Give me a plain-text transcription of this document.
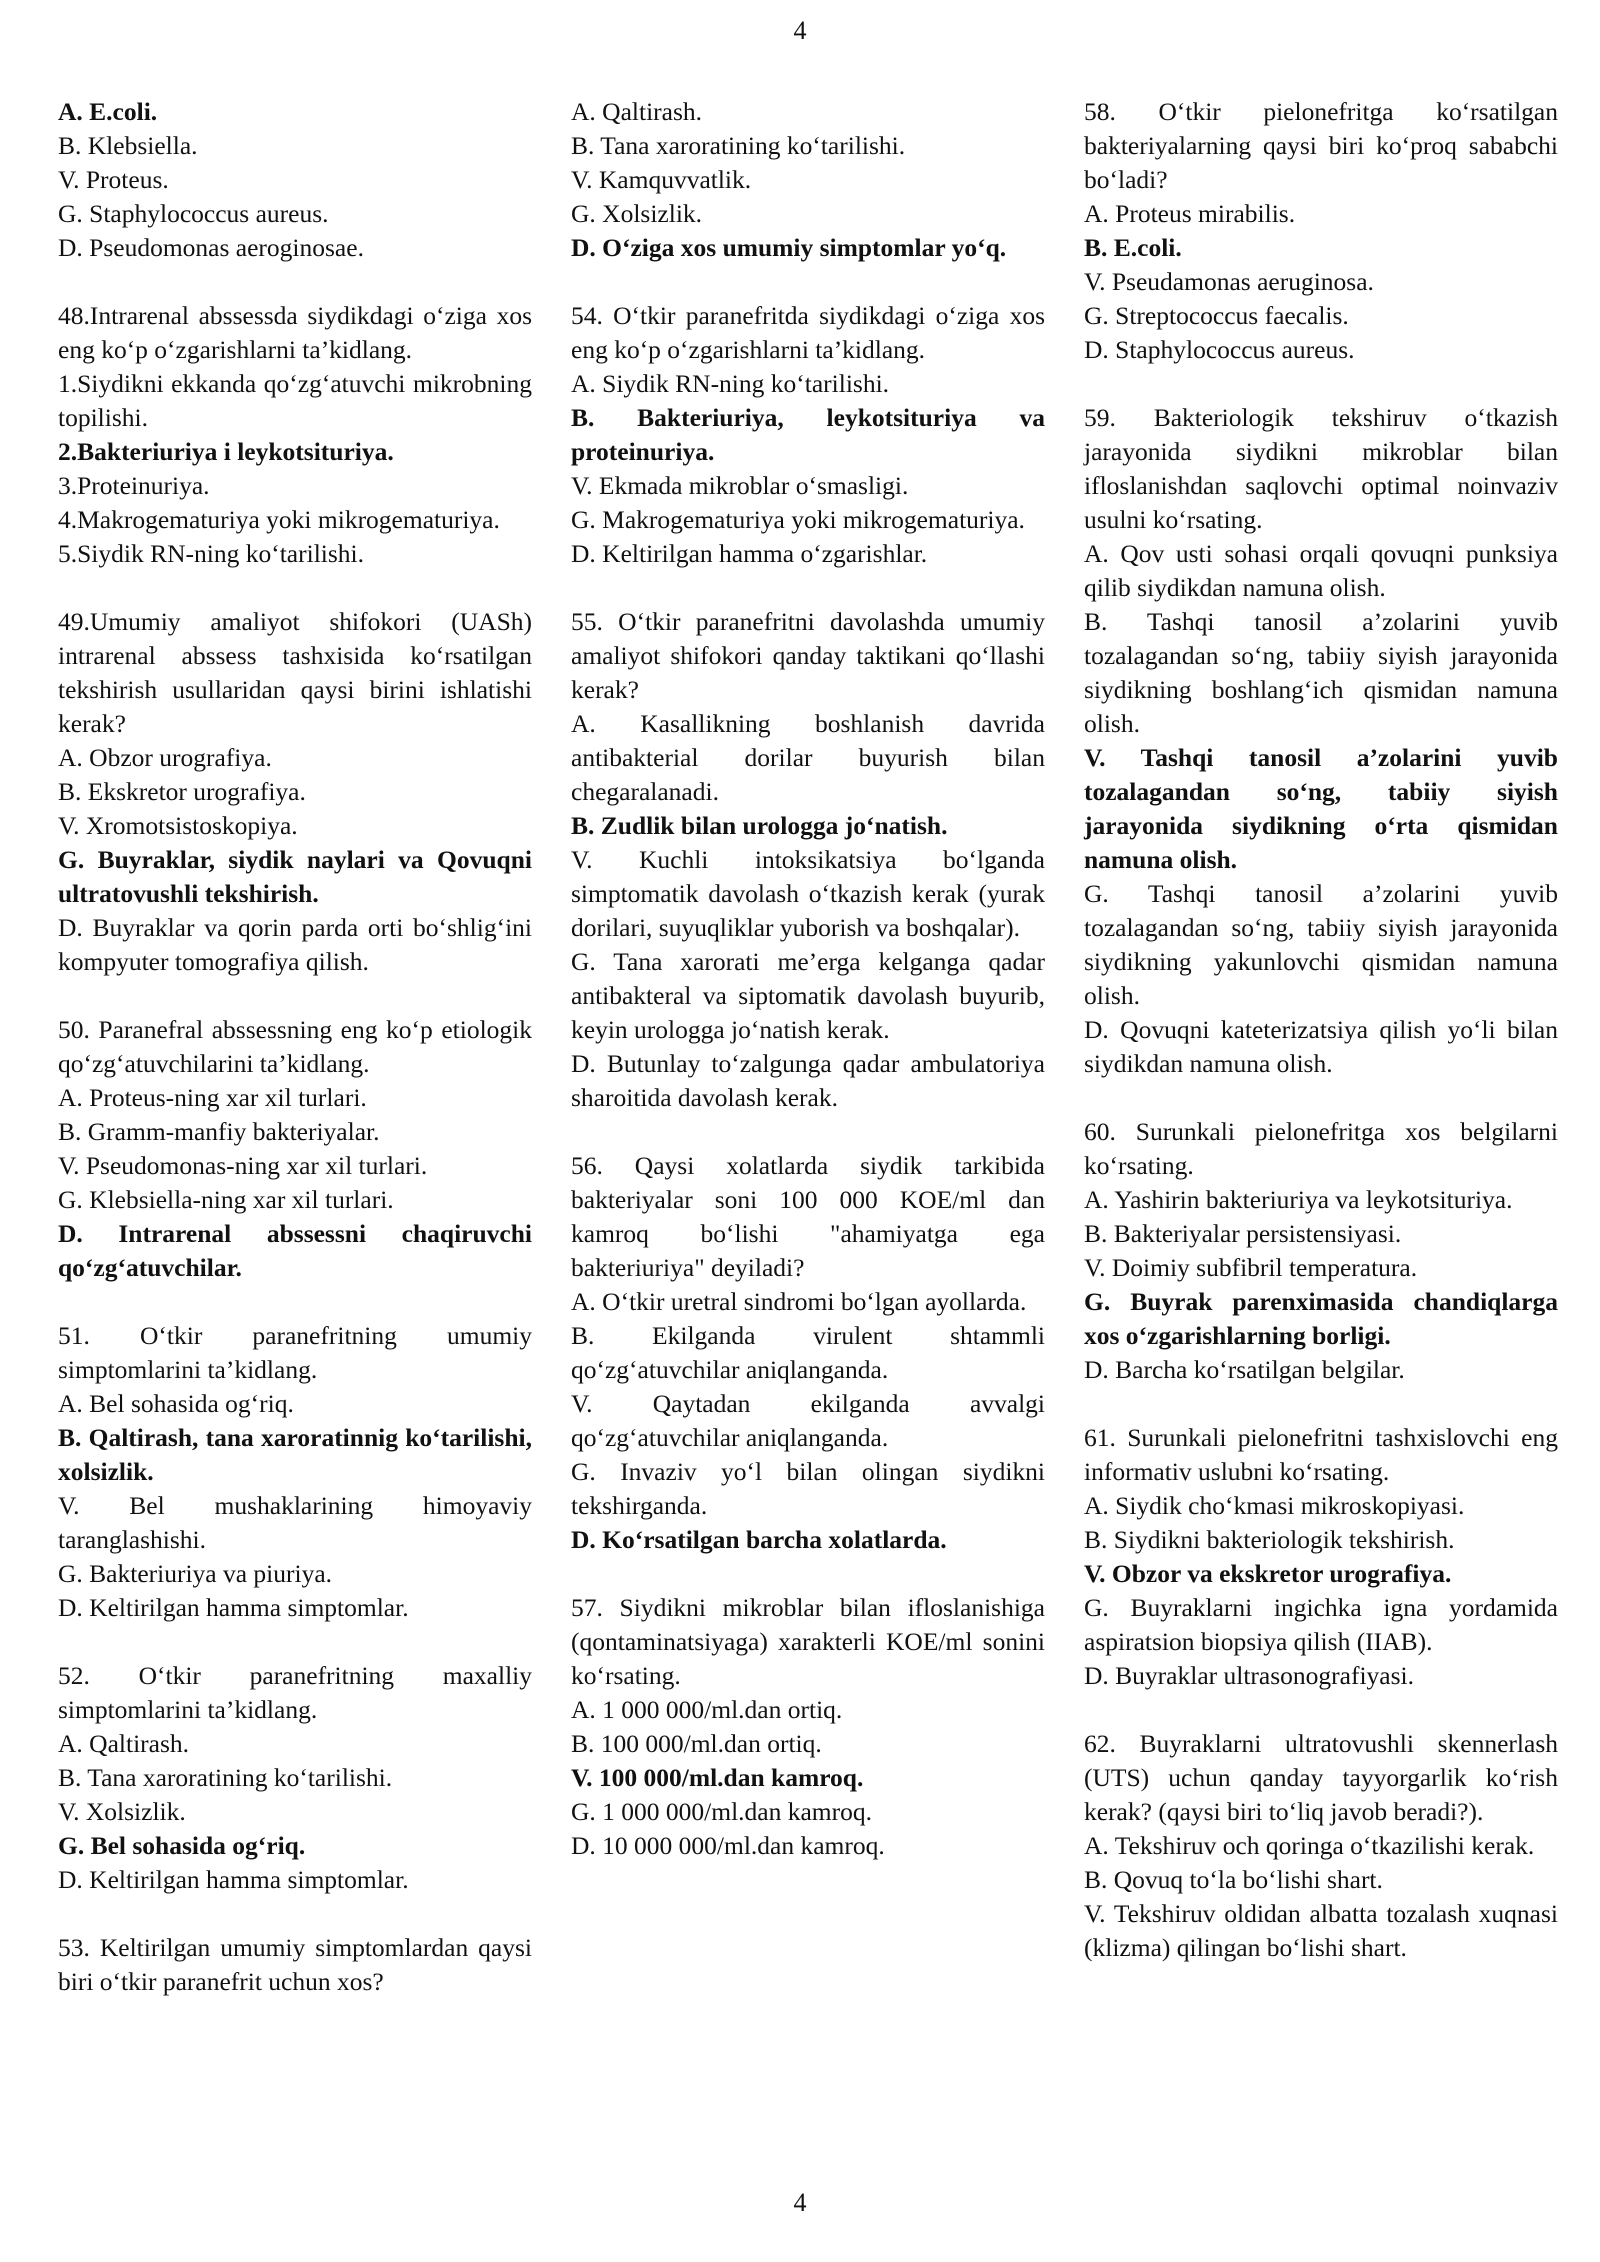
4
A. E.coli.
B. Klebsiella.
V. Proteus.
G. Staphylococcus aureus.
D. Pseudomonas aeroginosae.
48.Intrarenal abssessda siydikdagi o‘ziga xos eng ko‘p o‘zgarishlarni ta’kidlang.
1.Siydikni ekkanda qo‘zg‘atuvchi mikrobning topilishi.
2.Bakteriuriya i leykotsituriya.
3.Proteinuriya.
4.Makrogematuriya yoki mikrogematuriya.
5.Siydik RN-ning ko‘tarilishi.
49.Umumiy amaliyot shifokori (UASh) intrarenal abssess tashxisida ko‘rsatilgan tekshirish usullaridan qaysi birini ishlatishi kerak?
A. Obzor urografiya.
B. Ekskretor urografiya.
V. Xromotsistoskopiya.
G. Buyraklar, siydik naylari va Qovuqni ultratovushli tekshirish.
D. Buyraklar va qorin parda orti bo‘shlig‘ini kompyuter tomografiya qilish.
50. Paranefral abssessning eng ko‘p etiologik qo‘zg‘atuvchilarini ta’kidlang.
A. Proteus-ning xar xil turlari.
B. Gramm-manfiy bakteriyalar.
V. Pseudomonas-ning xar xil turlari.
G. Klebsiella-ning xar xil turlari.
D. Intrarenal abssessni chaqiruvchi qo‘zg‘atuvchilar.
51. O‘tkir paranefritning umumiy simptomlarini ta’kidlang.
A. Bel sohasida og‘riq.
B. Qaltirash, tana xaroratinnig ko‘tarilishi, xolsizlik.
V. Bel mushaklarining himoyaviy taranglashishi.
G. Bakteriuriya va piuriya.
D. Keltirilgan hamma simptomlar.
52. O‘tkir paranefritning maxalliy simptomlarini ta’kidlang.
A. Qaltirash.
B. Tana xaroratining ko‘tarilishi.
V. Xolsizlik.
G. Bel sohasida og‘riq.
D. Keltirilgan hamma simptomlar.
53. Keltirilgan umumiy simptomlardan qaysi biri o‘tkir paranefrit uchun xos?
A. Qaltirash.
B. Tana xaroratining ko‘tarilishi.
V. Kamquvvatlik.
G. Xolsizlik.
D. O‘ziga xos umumiy simptomlar yo‘q.
54. O‘tkir paranefritda siydikdagi o‘ziga xos eng ko‘p o‘zgarishlarni ta’kidlang.
A. Siydik RN-ning ko‘tarilishi.
B. Bakteriuriya, leykotsituriya va proteinuriya.
V. Ekmada mikroblar o‘smasligi.
G. Makrogematuriya yoki mikrogematuriya.
D. Keltirilgan hamma o‘zgarishlar.
55. O‘tkir paranefritni davolashda umumiy amaliyot shifokori qanday taktikani qo‘llashi kerak?
A. Kasallikning boshlanish davrida antibakterial dorilar buyurish bilan chegaralanadi.
B. Zudlik bilan urologga jo‘natish.
V. Kuchli intoksikatsiya bo‘lganda simptomatik davolash o‘tkazish kerak (yurak dorilari, suyuqliklar yuborish va boshqalar).
G. Tana xarorati me’erga kelganga qadar antibakteral va siptomatik davolash buyurib, keyin urologga jo‘natish kerak.
D. Butunlay to‘zalgunga qadar ambulatoriya sharoitida davolash kerak.
56. Qaysi xolatlarda siydik tarkibida bakteriyalar soni 100 000 KOE/ml dan kamroq bo‘lishi "ahamiyatga ega bakteriuriya" deyiladi?
A. O‘tkir uretral sindromi bo‘lgan ayollarda.
B. Ekilganda virulent shtammli qo‘zg‘atuvchilar aniqlanganda.
V. Qaytadan ekilganda avvalgi qo‘zg‘atuvchilar aniqlanganda.
G. Invaziv yo‘l bilan olingan siydikni tekshirganda.
D. Ko‘rsatilgan barcha xolatlarda.
57. Siydikni mikroblar bilan ifloslanishiga (qontaminatsiyaga) xarakterli KOE/ml sonini ko‘rsating.
A. 1 000 000/ml.dan ortiq.
B. 100 000/ml.dan ortiq.
V. 100 000/ml.dan kamroq.
G. 1 000 000/ml.dan kamroq.
D. 10 000 000/ml.dan kamroq.
58. O‘tkir pielonefritga ko‘rsatilgan bakteriyalarning qaysi biri ko‘proq sababchi bo‘ladi?
A. Proteus mirabilis.
B. E.coli.
V. Pseudamonas aeruginosa.
G. Streptococcus faecalis.
D. Staphylococcus aureus.
59. Bakteriologik tekshiruv o‘tkazish jarayonida siydikni mikroblar bilan ifloslanishdan saqlovchi optimal noinvaziv usulni ko‘rsating.
A. Qov usti sohasi orqali qovuqni punksiya qilib siydikdan namuna olish.
B. Tashqi tanosil a’zolarini yuvib tozalagandan so‘ng, tabiiy siyish jarayonida siydikning boshlang‘ich qismidan namuna olish.
V. Tashqi tanosil a’zolarini yuvib tozalagandan so‘ng, tabiiy siyish jarayonida siydikning o‘rta qismidan namuna olish.
G. Tashqi tanosil a’zolarini yuvib tozalagandan so‘ng, tabiiy siyish jarayonida siydikning yakunlovchi qismidan namuna olish.
D. Qovuqni kateterizatsiya qilish yo‘li bilan siydikdan namuna olish.
60. Surunkali pielonefritga xos belgilarni ko‘rsating.
A. Yashirin bakteriuriya va leykotsituriya.
B. Bakteriyalar persistensiyasi.
V. Doimiy subfibril temperatura.
G. Buyrak parenximasida chandiqlarga xos o‘zgarishlarning borligi.
D. Barcha ko‘rsatilgan belgilar.
61. Surunkali pielonefritni tashxislovchi eng informativ uslubni ko‘rsating.
A. Siydik cho‘kmasi mikroskopiyasi.
B. Siydikni bakteriologik tekshirish.
V. Obzor va ekskretor urografiya.
G. Buyraklarni ingichka igna yordamida aspiratsion biopsiya qilish (IIAB).
D. Buyraklar ultrasonografiyasi.
62. Buyraklarni ultratovushli skennerlash (UTS) uchun qanday tayyorgarlik ko‘rish kerak? (qaysi biri to‘liq javob beradi?).
A. Tekshiruv och qoringa o‘tkazilishi kerak.
B. Qovuq to‘la bo‘lishi shart.
V. Tekshiruv oldidan albatta tozalash xuqnasi (klizma) qilingan bo‘lishi shart.
4
